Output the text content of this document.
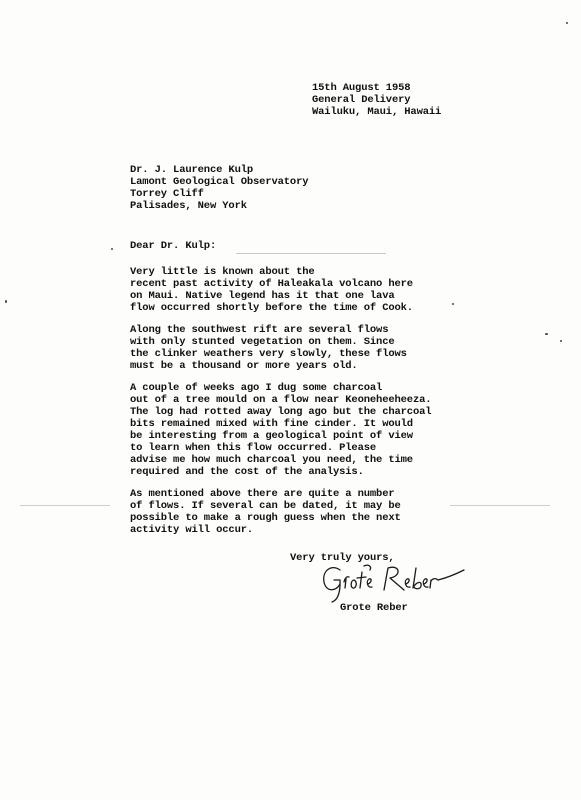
15th August 1958
General Delivery
Wailuku, Maui, Hawaii
Dr. J. Laurence Kulp
Lamont Geological Observatory
Torrey Cliff
Palisades, New York
Dear Dr. Kulp:
Very little is known about the
recent past activity of Haleakala volcano here
on Maui. Native legend has it that one lava
flow occurred shortly before the time of Cook.
Along the southwest rift are several flows
with only stunted vegetation on them. Since
the clinker weathers very slowly, these flows
must be a thousand or more years old.
A couple of weeks ago I dug some charcoal
out of a tree mould on a flow near Keoneheeheeza.
The log had rotted away long ago but the charcoal
bits remained mixed with fine cinder. It would
be interesting from a geological point of view
to learn when this flow occurred. Please
advise me how much charcoal you need, the time
required and the cost of the analysis.
As mentioned above there are quite a number
of flows. If several can be dated, it may be
possible to make a rough guess when the next
activity will occur.
Very truly yours,
Grote Reber
